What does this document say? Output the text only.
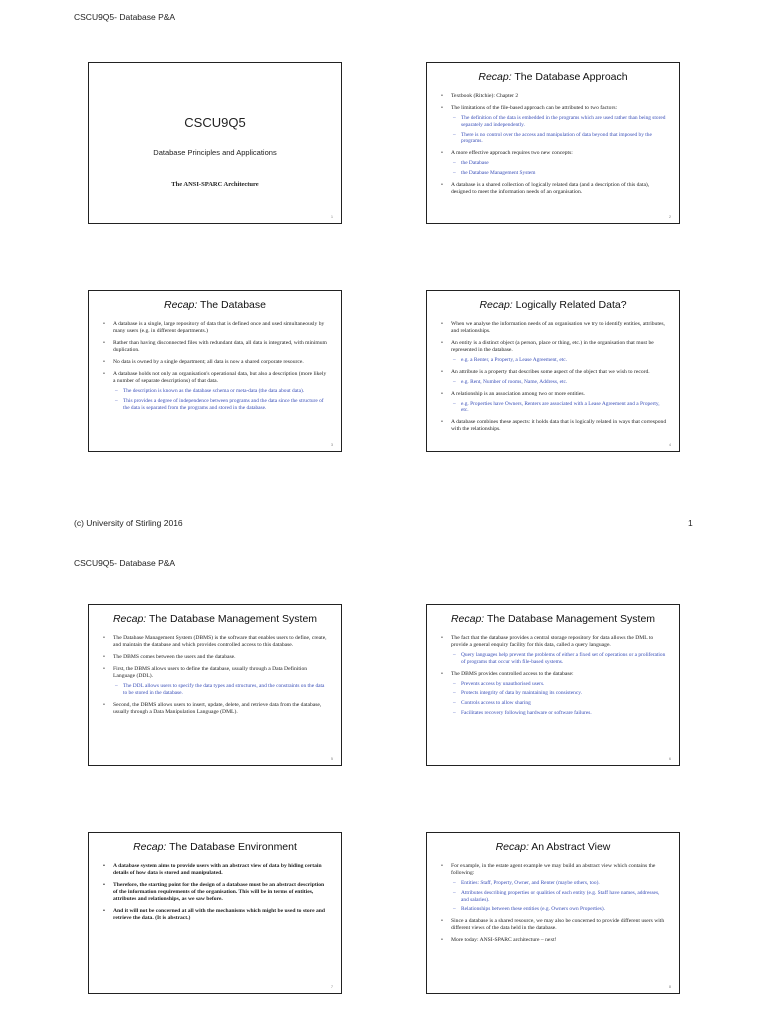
CSCU9Q5- Database P&A
CSCU9Q5
Database Principles and Applications
The ANSI-SPARC Architecture
1
Recap: The Database Approach
• Textbook (Ritchie): Chapter 2
• The limitations of the file-based approach can be attributed to two factors:
– The definition of the data is embedded in the programs which are used rather than being stored separately and independently.
– There is no control over the access and manipulation of data beyond that imposed by the programs.
• A more effective approach requires two new concepts:
– the Database
– the Database Management System
• A database is a shared collection of logically related data (and a description of this data), designed to meet the information needs of an organisation.
2
Recap: The Database
• A database is a single, large repository of data that is defined once and used simultaneously by many users (e.g. in different departments.)
• Rather than having disconnected files with redundant data, all data is integrated, with minimum duplication.
• No data is owned by a single department; all data is now a shared corporate resource.
• A database holds not only an organisation's operational data, but also a description (more likely a number of separate descriptions) of that data.
– The description is known as the database schema or meta-data (the data about data).
– This provides a degree of independence between programs and the data since the structure of the data is separated from the programs and stored in the database.
3
Recap: Logically Related Data?
• When we analyse the information needs of an organisation we try to identify entities, attributes, and relationships.
• An entity is a distinct object (a person, place or thing, etc.) in the organisation that must be represented in the database.
– e.g. a Renter, a Property, a Lease Agreement, etc.
• An attribute is a property that describes some aspect of the object that we wish to record.
– e.g. Rent, Number of rooms, Name, Address, etc.
• A relationship is an association among two or more entities.
– e.g. Properties have Owners, Renters are associated with a Lease Agreement and a Property, etc.
• A database combines these aspects: it holds data that is logically related in ways that correspond with the relationships.
4
(c) University of Stirling 2016	1
CSCU9Q5- Database P&A
Recap: The Database Management System
• The Database Management System (DBMS) is the software that enables users to define, create, and maintain the database and which provides controlled access to this database.
• The DBMS comes between the users and the database.
• First, the DBMS allows users to define the database, usually through a Data Definition Language (DDL).
– The DDL allows users to specify the data types and structures, and the constraints on the data to be stored in the database.
• Second, the DBMS allows users to insert, update, delete, and retrieve data from the database, usually through a Data Manipulation Language (DML).
5
Recap: The Database Management System
• The fact that the database provides a central storage repository for data allows the DML to provide a general enquiry facility for this data, called a query language.
– Query languages help prevent the problems of either a fixed set of operations or a proliferation of programs that occur with file-based systems.
• The DBMS provides controlled access to the database:
– Prevents access by unauthorised users.
– Protects integrity of data by maintaining its consistency.
– Controls access to allow sharing
– Facilitates recovery following hardware or software failures.
6
Recap: The Database Environment
• A database system aims to provide users with an abstract view of data by hiding certain details of how data is stored and manipulated.
• Therefore, the starting point for the design of a database must be an abstract description of the information requirements of the organisation. This will be in terms of entities, attributes and relationships, as we saw before.
• And it will not be concerned at all with the mechanisms which might be used to store and retrieve the data. (It is abstract.)
7
Recap: An Abstract View
• For example, in the estate agent example we may build an abstract view which contains the following:
– Entities: Staff, Property, Owner, and Renter (maybe others, too).
– Attributes describing properties or qualities of each entity (e.g. Staff have names, addresses, and salaries).
– Relationships between these entities (e.g. Owners own Properties).
• Since a database is a shared resource, we may also be concerned to provide different users with different views of the data held in the database.
• More today: ANSI-SPARC architecture – next!
8
